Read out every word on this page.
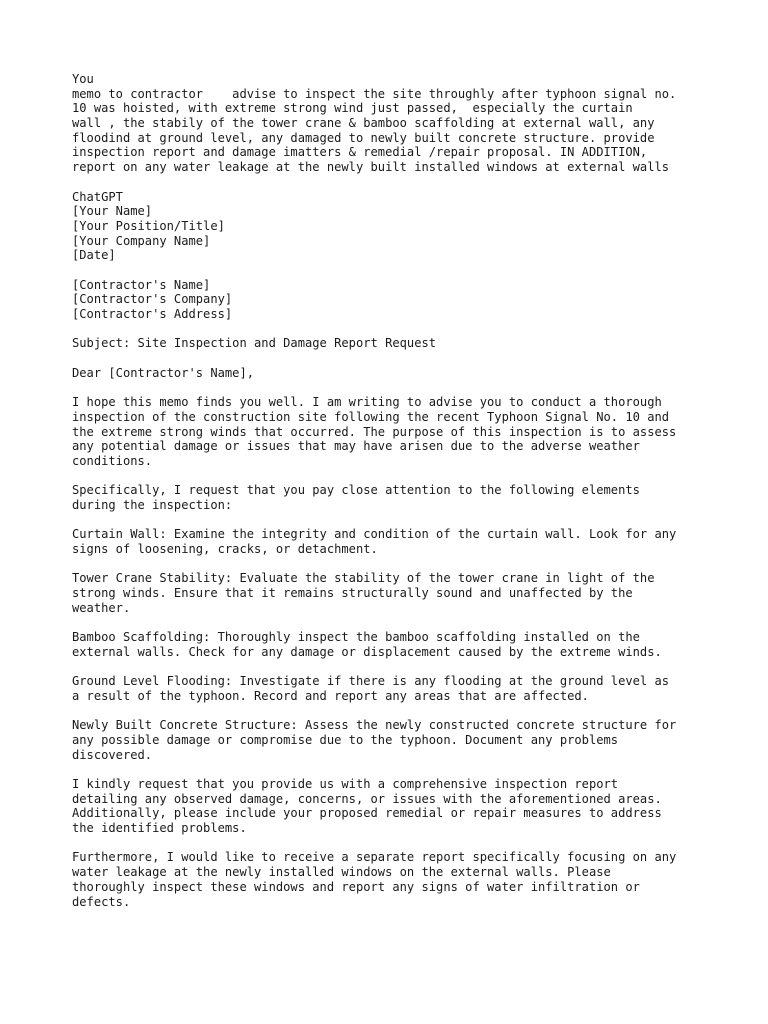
You
memo to contractor    advise to inspect the site throughly after typhoon signal no.
10 was hoisted, with extreme strong wind just passed,  especially the curtain
wall , the stabily of the tower crane & bamboo scaffolding at external wall, any
floodind at ground level, any damaged to newly built concrete structure. provide
inspection report and damage imatters & remedial /repair proposal. IN ADDITION,
report on any water leakage at the newly built installed windows at external walls
ChatGPT
[Your Name]
[Your Position/Title]
[Your Company Name]
[Date]
[Contractor's Name]
[Contractor's Company]
[Contractor's Address]
Subject: Site Inspection and Damage Report Request
Dear [Contractor's Name],
I hope this memo finds you well. I am writing to advise you to conduct a thorough
inspection of the construction site following the recent Typhoon Signal No. 10 and
the extreme strong winds that occurred. The purpose of this inspection is to assess
any potential damage or issues that may have arisen due to the adverse weather
conditions.
Specifically, I request that you pay close attention to the following elements
during the inspection:
Curtain Wall: Examine the integrity and condition of the curtain wall. Look for any
signs of loosening, cracks, or detachment.
Tower Crane Stability: Evaluate the stability of the tower crane in light of the
strong winds. Ensure that it remains structurally sound and unaffected by the
weather.
Bamboo Scaffolding: Thoroughly inspect the bamboo scaffolding installed on the
external walls. Check for any damage or displacement caused by the extreme winds.
Ground Level Flooding: Investigate if there is any flooding at the ground level as
a result of the typhoon. Record and report any areas that are affected.
Newly Built Concrete Structure: Assess the newly constructed concrete structure for
any possible damage or compromise due to the typhoon. Document any problems
discovered.
I kindly request that you provide us with a comprehensive inspection report
detailing any observed damage, concerns, or issues with the aforementioned areas.
Additionally, please include your proposed remedial or repair measures to address
the identified problems.
Furthermore, I would like to receive a separate report specifically focusing on any
water leakage at the newly installed windows on the external walls. Please
thoroughly inspect these windows and report any signs of water infiltration or
defects.
